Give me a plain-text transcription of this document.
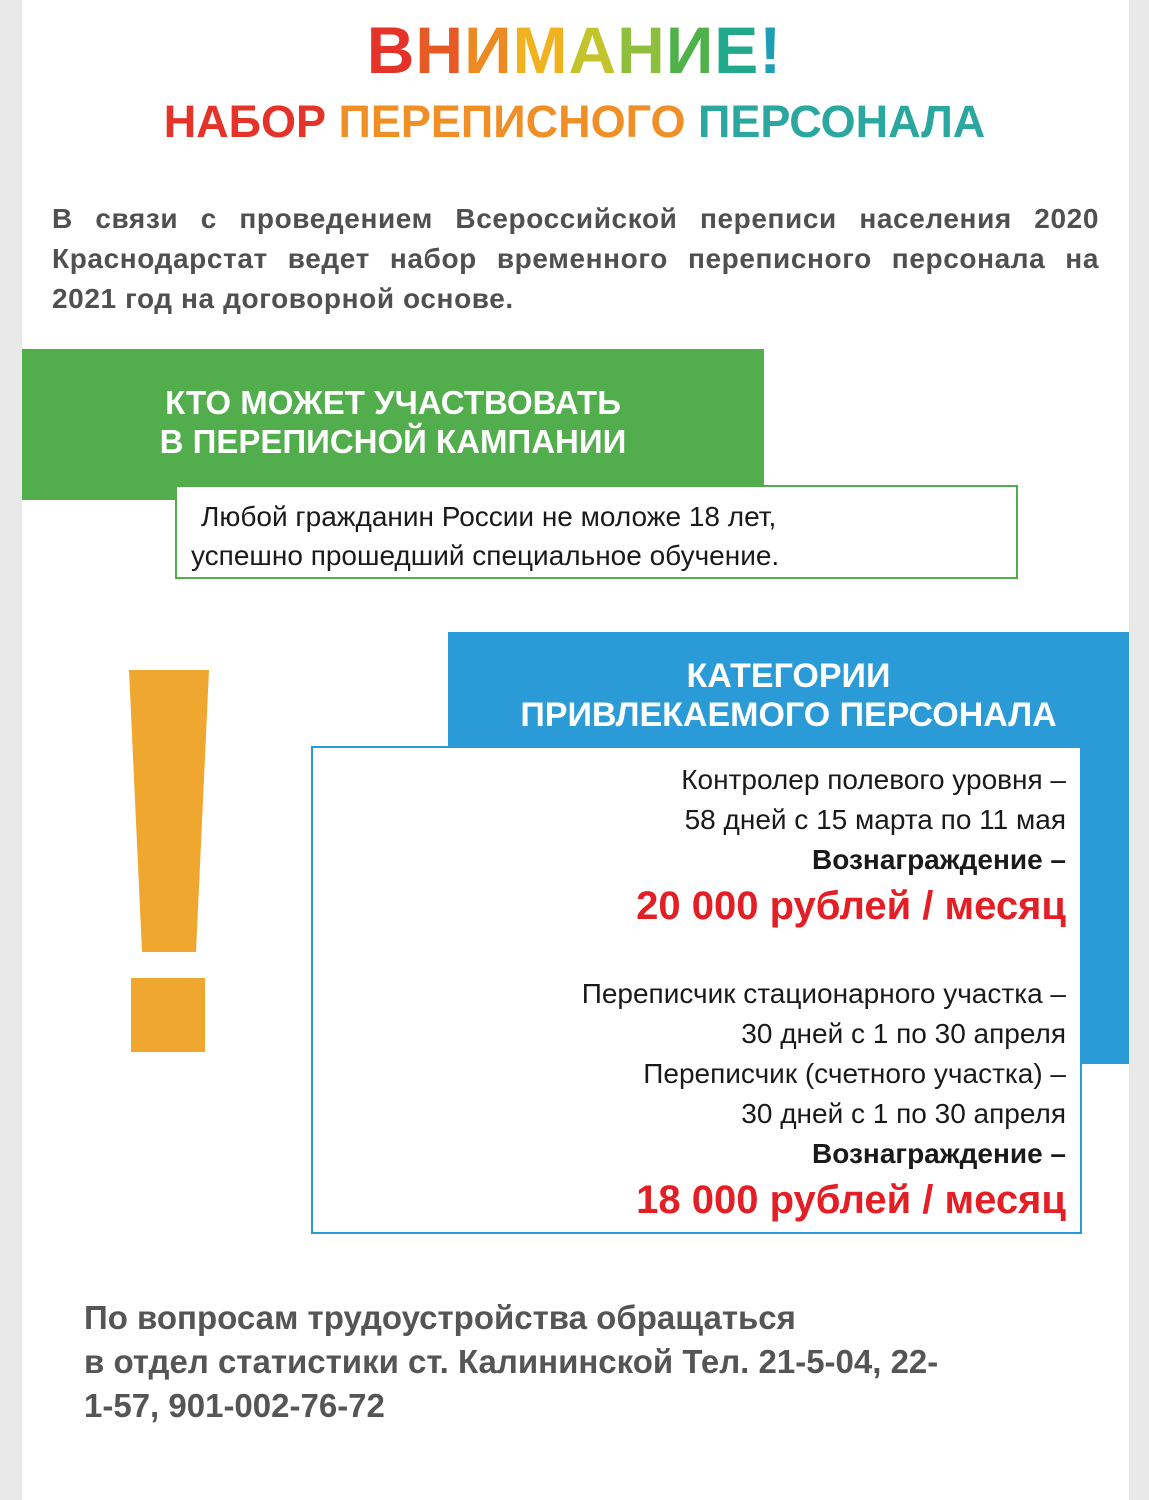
ВНИМАНИЕ!
НАБОР ПЕРЕПИСНОГО ПЕРСОНАЛА
В связи с проведением Всероссийской переписи населения 2020 Краснодарстат ведет набор временного переписного персонала на 2021 год на договорной основе.
КТО МОЖЕТ УЧАСТВОВАТЬ
В ПЕРЕПИСНОЙ КАМПАНИИ
Любой гражданин России не моложе 18 лет,
успешно прошедший специальное обучение.
КАТЕГОРИИ
ПРИВЛЕКАЕМОГО ПЕРСОНАЛА
Контролер полевого уровня –
58 дней с 15 марта по 11 мая
Вознаграждение –
20 000 рублей / месяц
Переписчик стационарного участка –
30 дней с 1 по 30 апреля
Переписчик (счетного участка) –
30 дней с 1 по 30 апреля
Вознаграждение –
18 000 рублей / месяц
По вопросам трудоустройства обращаться
в отдел статистики ст. Калининской Тел. 21-5-04, 22-
1-57, 901-002-76-72
